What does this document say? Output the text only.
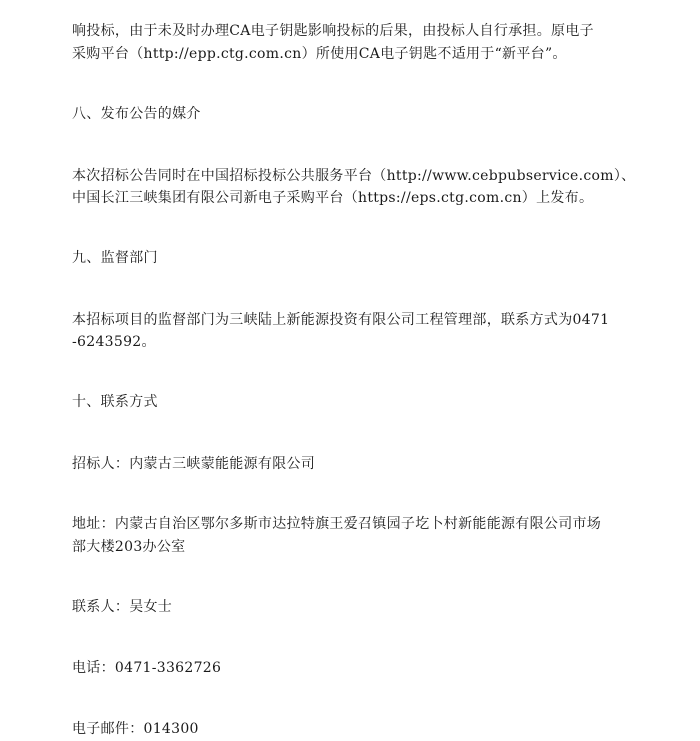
响投标，由于未及时办理CA电子钥匙影响投标的后果，由投标人自行承担。原电子
采购平台（http://epp.ctg.com.cn）所使用CA电子钥匙不适用于“新平台”。
八、发布公告的媒介
本次招标公告同时在中国招标投标公共服务平台（http://www.cebpubservice.com）、
中国长江三峡集团有限公司新电子采购平台（https://eps.ctg.com.cn）上发布。
九、监督部门
本招标项目的监督部门为三峡陆上新能源投资有限公司工程管理部，联系方式为0471
-6243592。
十、联系方式
招标人：内蒙古三峡蒙能能源有限公司
地址：内蒙古自治区鄂尔多斯市达拉特旗王爱召镇园子圪卜村新能能源有限公司市场
部大楼203办公室
联系人：吴女士
电话：0471-3362726
电子邮件：014300
